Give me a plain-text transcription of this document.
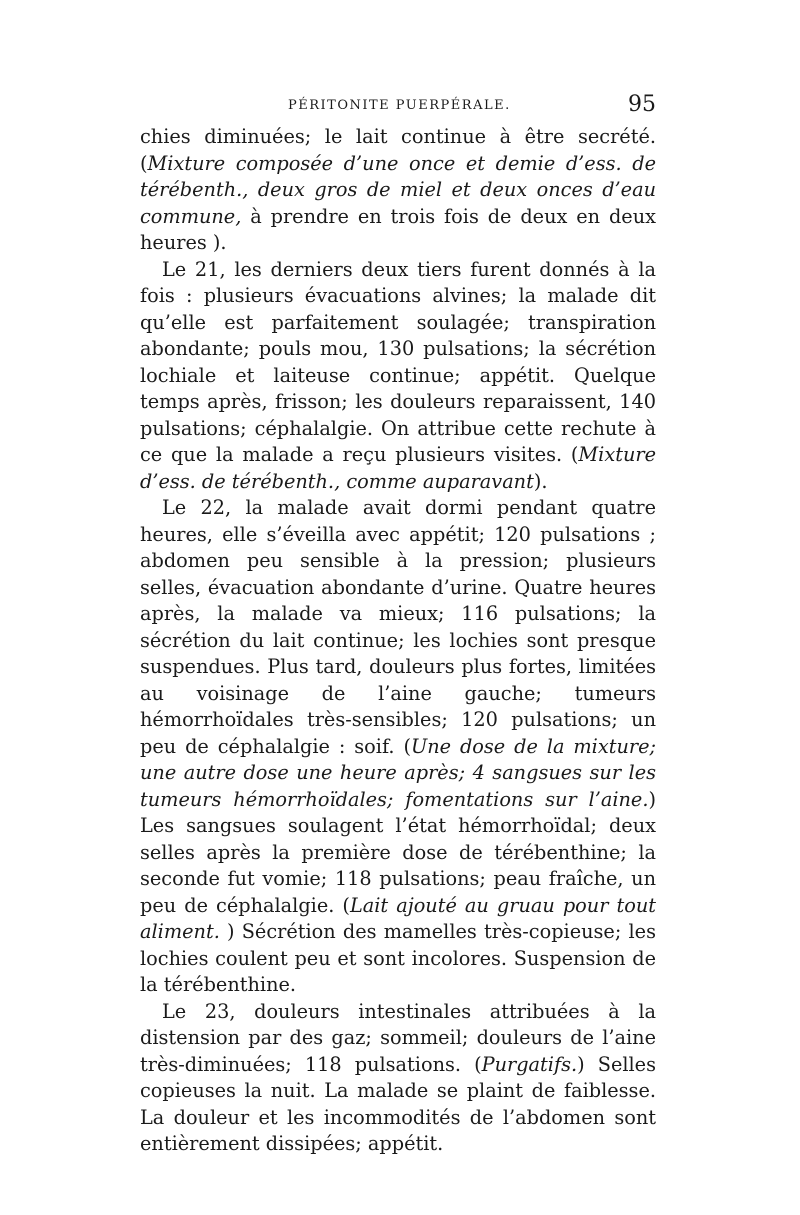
PÉRITONITE PUERPÉRALE.	95

chies diminuées; le lait continue à être secrété. (Mixture composée d’une once et demie d’ess. de térébenth., deux gros de miel et deux onces d’eau commune, à prendre en trois fois de deux en deux heures ).

Le 21, les derniers deux tiers furent donnés à la fois : plusieurs évacuations alvines; la malade dit qu’elle est parfaitement soulagée; transpiration abondante; pouls mou, 130 pulsations; la sécrétion lochiale et laiteuse continue; appétit. Quelque temps après, frisson; les douleurs reparaissent, 140 pulsations; céphalalgie. On attribue cette rechute à ce que la malade a reçu plusieurs visites. (Mixture d’ess. de térébenth., comme auparavant).

Le 22, la malade avait dormi pendant quatre heures, elle s’éveilla avec appétit; 120 pulsations ; abdomen peu sensible à la pression; plusieurs selles, évacuation abondante d’urine. Quatre heures après, la malade va mieux; 116 pulsations; la sécrétion du lait continue; les lochies sont presque suspendues. Plus tard, douleurs plus fortes, limitées au voisinage de l’aine gauche; tumeurs hémorrhoïdales très-sensibles; 120 pulsations; un peu de céphalalgie : soif. (Une dose de la mixture; une autre dose une heure après; 4 sangsues sur les tumeurs hémorrhoïdales; fomentations sur l’aine.) Les sangsues soulagent l’état hémorrhoïdal; deux selles après la première dose de térébenthine; la seconde fut vomie; 118 pulsations; peau fraîche, un peu de céphalalgie. (Lait ajouté au gruau pour tout aliment. ) Sécrétion des mamelles très-copieuse; les lochies coulent peu et sont incolores. Suspension de la térébenthine.

Le 23, douleurs intestinales attribuées à la distension par des gaz; sommeil; douleurs de l’aine très-diminuées; 118 pulsations. (Purgatifs.) Selles copieuses la nuit. La malade se plaint de faiblesse. La douleur et les incommodités de l’abdomen sont entièrement dissipées; appétit.
